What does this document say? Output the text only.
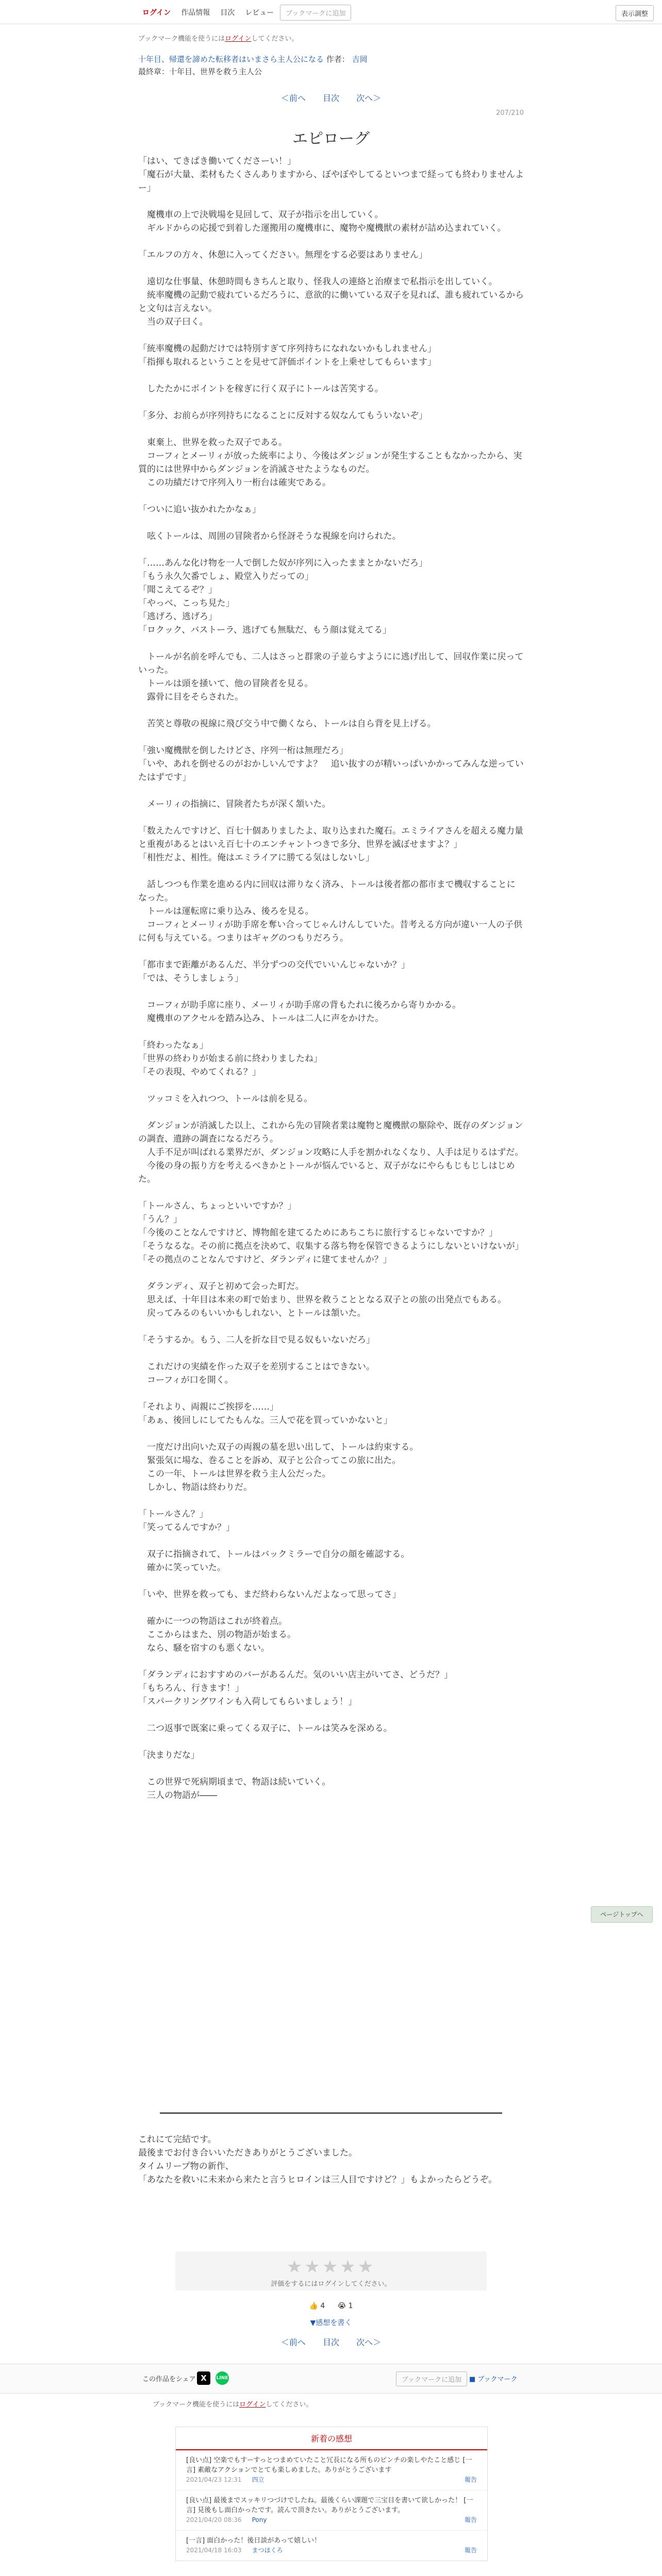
ログイン	作品情報	目次	レビュー	ブックマークに追加	表示調整
ブックマーク機能を使うにはログインしてください。
十年目、帰還を諦めた転移者はいまさら主人公になる 作者： 吉岡
最終章：十年目、世界を救う主人公
＜前へ 目次 次へ＞
207/210
エピローグ

「はい、てきぱき働いてくださーい！」

「魔石が大量、柔材もたくさんありますから、ぼやぼやしてるといつまで経っても終わりませんよー」

　魔機車の上で決戦場を見回して、双子が指示を出していく。

　ギルドからの応援で到着した運搬用の魔機車に、魔物や魔機獣の素材が詰め込まれていく。

「エルフの方々、休憩に入ってください。無理をする必要はありません」

　遠切な仕事量、休憩時間もきちんと取り、怪我人の連絡と治療まで私指示を出していく。

　統率魔機の記動で疲れているだろうに、意欲的に働いている双子を見れば、誰も疲れているからと文句は言えない。

　当の双子曰く。

「統率魔機の起動だけでは特別すぎて序列持ちになれないかもしれません」

「指揮も取れるということを見せて評価ポイントを上乗せしてもらいます」

　したたかにポイントを稼ぎに行く双子にトールは苦笑する。

「多分、お前らが序列持ちになることに反対する奴なんてもういないぞ」

　東棄上、世界を救った双子である。

　コーフィとメーリィが放った統率により、今後はダンジョンが発生することもなかったから、実質的には世界中からダンジョンを消滅させたようなものだ。

　この功績だけで序列入り一桁台は確実である。

「ついに追い抜かれたかなぁ」

　呟くトールは、周囲の冒険者から怪訝そうな視線を向けられた。

「……あんな化け物を一人で倒した奴が序列に入ったままとかないだろ」

「もう永久欠番でしょ、殿堂入りだっての」

「聞こえてるぞ？」

「やっべ、こっち見た」

「逃げろ、逃げろ」

「ロクック、バストーラ、逃げても無駄だ、もう顔は覚えてる」

　トールが名前を呼んでも、二人はさっと群衆の子並らすようにに逃げ出して、回収作業に戻っていった。

　トールは頭を掻いて、他の冒険者を見る。

　露骨に目をそらされた。

　苦笑と尊敬の視線に飛び交う中で働くなら、トールは自ら背を見上げる。

「強い魔機獣を倒したけどさ、序列一桁は無理だろ」

「いや、あれを倒せるのがおかしいんですよ？　追い抜すのが精いっぱいかかってみんな逆っていたはずです」

　メーリィの指摘に、冒険者たちが深く頷いた。

「数えたんですけど、百七十個ありましたよ、取り込まれた魔石。エミライアさんを超える魔力量と重複があるとはいえ百七十のエンチャントつきで多分、世界を滅ぼせますよ？」

「相性だよ、相性。俺はエミライアに勝てる気はしないし」

　話しつつも作業を進める内に回収は滞りなく済み、トールは後者都の都市まで機収することになった。

　トールは運転席に乗り込み、後ろを見る。

　コーフィとメーリィが助手席を奪い合ってじゃんけんしていた。昔考える方向が違い一人の子供に何も与えている。つまりはギャグのつもりだろう。

「都市まで距離があるんだ、半分ずつの交代でいいんじゃないか？」

「では、そうしましょう」

　コーフィが助手席に座り、メーリィが助手席の背もたれに後ろから寄りかかる。

　魔機車のアクセルを踏み込み、トールは二人に声をかけた。

「終わったなぁ」

「世界の終わりが始まる前に終わりましたね」

「その表現、やめてくれる？」

　ツッコミを入れつつ、トールは前を見る。

　ダンジョンが消滅した以上、これから先の冒険者業は魔物と魔機獣の駆除や、既存のダンジョンの調査、遺跡の調査になるだろう。

　人手不足が叫ばれる業界だが、ダンジョン攻略に人手を割かれなくなり、人手は足りるはずだ。

　今後の身の振り方を考えるべきかとトールが悩んでいると、双子がなにやらもじもじしはじめた。

「トールさん、ちょっといいですか？」

「うん？」

「今後のことなんですけど、博物館を建てるためにあちこちに旅行するじゃないですか？」

「そうなるな。その前に拠点を決めて、収集する落ち物を保管できるようにしないといけないが」

「その拠点のことなんですけど、ダランディに建てませんか？」

　ダランディ、双子と初めて会った町だ。

　思えば、十年目は本来の町で始まり、世界を救うこととなる双子との旅の出発点でもある。

　戻ってみるのもいいかもしれない、とトールは頷いた。

「そうするか。もう、二人を折な目で見る奴もいないだろ」

　これだけの実績を作った双子を差別することはできない。

　コーフィが口を開く。

「それより、両親にご挨拶を……」

「あぁ、後回しにしてたもんな。三人で花を買っていかないと」

　一度だけ出向いた双子の両親の墓を思い出して、トールは約束する。

　緊張気に場な、巻ることを訴め、双子と公合ってこの旅に出た。

　この一年、トールは世界を救う主人公だった。

　しかし、物語は終わりだ。

「トールさん？」

「笑ってるんですか？」

　双子に指摘されて、トールはバックミラーで自分の顔を確認する。

　確かに笑っていた。

「いや、世界を救っても、まだ終わらないんだよなって思ってさ」

　確かに一つの物語はこれが終着点。

　ここからはまた、別の物語が始まる。

　なら、騒を宿すのも悪くない。

「ダランディにおすすめのバーがあるんだ。気のいい店主がいてさ、どうだ？」

「もちろん、行きます！」

「スパークリングワインも入荷してもらいましょう！」

　二つ返事で既案に乗ってくる双子に、トールは笑みを深める。

「決まりだな」

　この世界で死病期頃まで、物語は続いていく。

　三人の物語が――

これにて完結です。

最後までお付き合いいただきありがとうございました。

タイムリープ物の新作、

「あなたを救いに未来から来たと言うヒロインは三人目ですけど？」もよかったらどうぞ。

★★★★★
評価をするにはログインしてください。
👍 4 😭 1
▼感想を書く
＜前へ 目次 次へ＞
ページトップへ
この作品をシェア X	LINE	ブックマークに追加	■ ブックマーク
ブックマーク機能を使うにはログインしてください。
新着の感想
[良い点] 空楽でもすーすっとつまめていたこと冗長になる所ものピンチの楽しやたこと感じ [一言] 素敵なアクションでとても楽しめました。ありがとうございます
2021/04/23 12:31 四立	報告
[良い点] 最後までスッキリつづけでしたね。最後くらい課題で三宝目を書いて欲しかった！ [一言] 見後もし面白かったです。読んで頂きたい。ありがとうございます。
2021/04/20 08:36 Pony	報告
[一言] 面白かった！後日談があって嬉しい！
2021/04/18 16:03 まつほくろ	報告
